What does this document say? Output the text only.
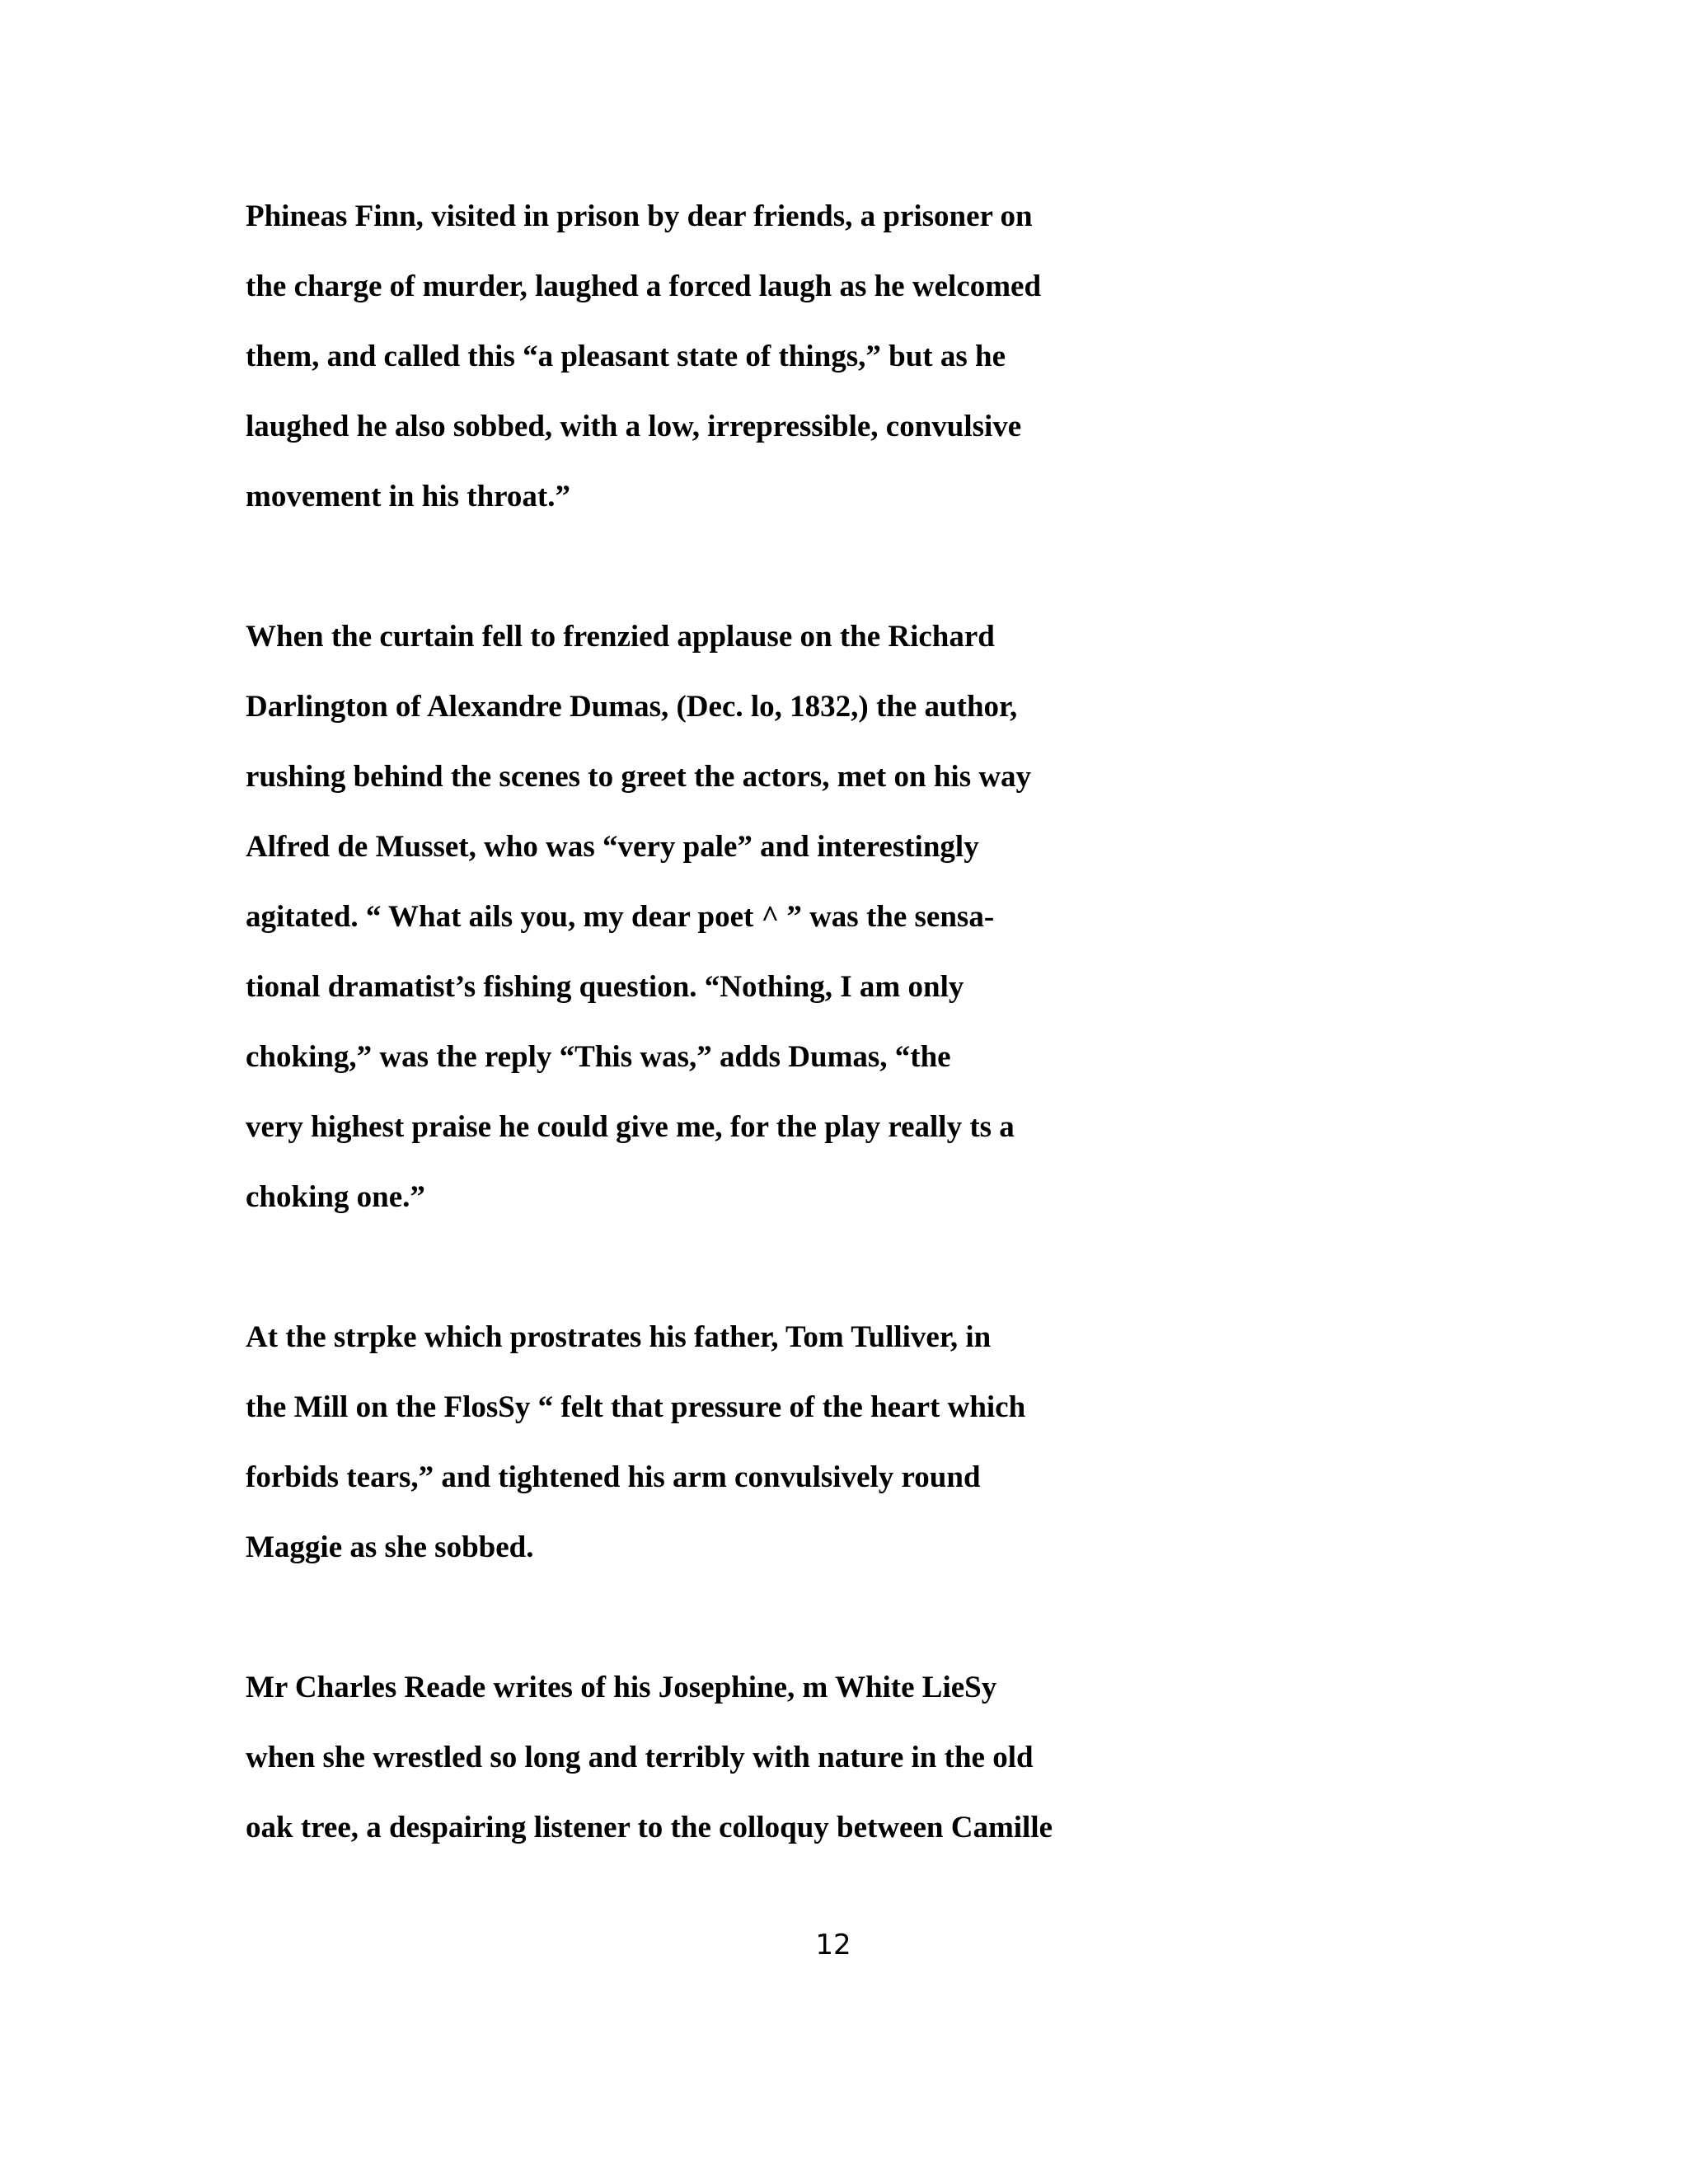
Phineas Finn, visited in prison by dear friends, a prisoner on
the charge of murder, laughed a forced laugh as he welcomed
them, and called this “a pleasant state of things,” but as he
laughed he also sobbed, with a low, irrepressible, convulsive
movement in his throat.”
When the curtain fell to frenzied applause on the Richard
Darlington of Alexandre Dumas, (Dec. lo, 1832,) the author,
rushing behind the scenes to greet the actors, met on his way
Alfred de Musset, who was “very pale” and interestingly
agitated. “ What ails you, my dear poet ^ ” was the sensa-
tional dramatist’s fishing question. “Nothing, I am only
choking,” was the reply “This was,” adds Dumas, “the
very highest praise he could give me, for the play really ts a
choking one.”
At the strpke which prostrates his father, Tom Tulliver, in
the Mill on the FlosSy “ felt that pressure of the heart which
forbids tears,” and tightened his arm convulsively round
Maggie as she sobbed.
Mr Charles Reade writes of his Josephine, m White LieSy
when she wrestled so long and terribly with nature in the old
oak tree, a despairing listener to the colloquy between Camille
12
